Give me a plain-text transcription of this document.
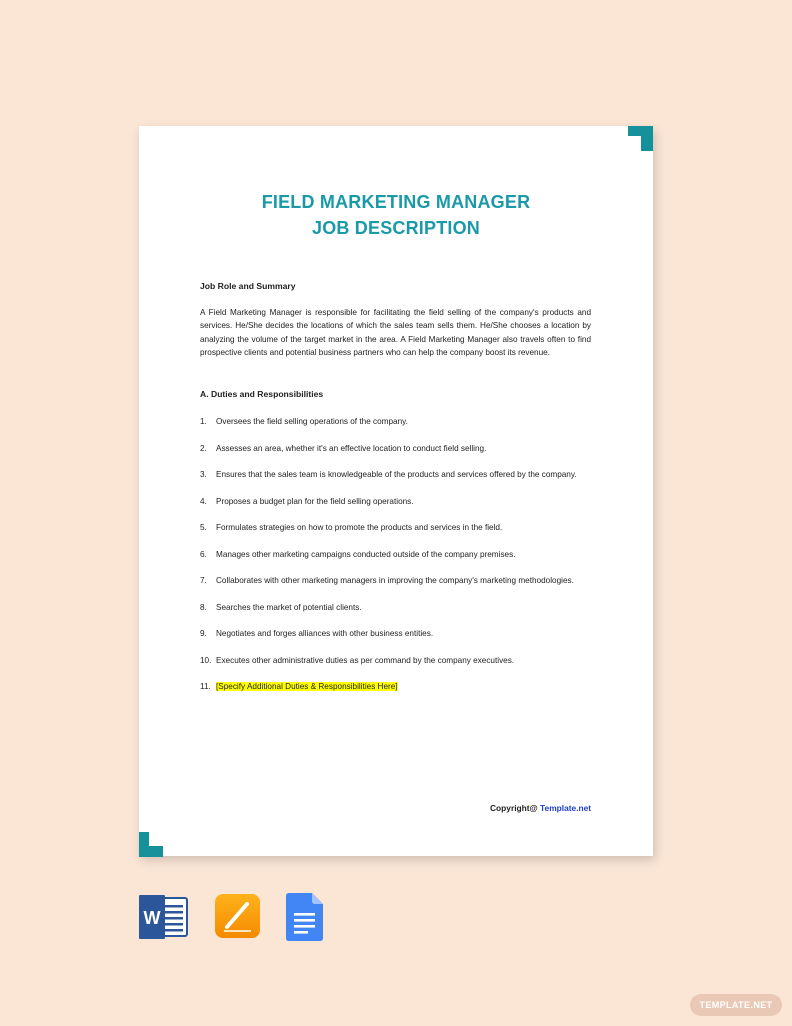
FIELD MARKETING MANAGER
JOB DESCRIPTION
Job Role and Summary
A Field Marketing Manager is responsible for facilitating the field selling of the company's products and services. He/She decides the locations of which the sales team sells them. He/She chooses a location by analyzing the volume of the target market in the area. A Field Marketing Manager also travels often to find prospective clients and potential business partners who can help the company boost its revenue.
A. Duties and Responsibilities
1.	Oversees the field selling operations of the company.
2.	Assesses an area, whether it's an effective location to conduct field selling.
3.	Ensures that the sales team is knowledgeable of the products and services offered by the company.
4.	Proposes a budget plan for the field selling operations.
5.	Formulates strategies on how to promote the products and services in the field.
6.	Manages other marketing campaigns conducted outside of the company premises.
7.	Collaborates with other marketing managers in improving the company's marketing methodologies.
8.	Searches the market of potential clients.
9.	Negotiates and forges alliances with other business entities.
10. Executes other administrative duties as per command by the company executives.
11. [Specify Additional Duties & Responsibilities Here]
Copyright@ Template.net
W
TEMPLATE.NET
